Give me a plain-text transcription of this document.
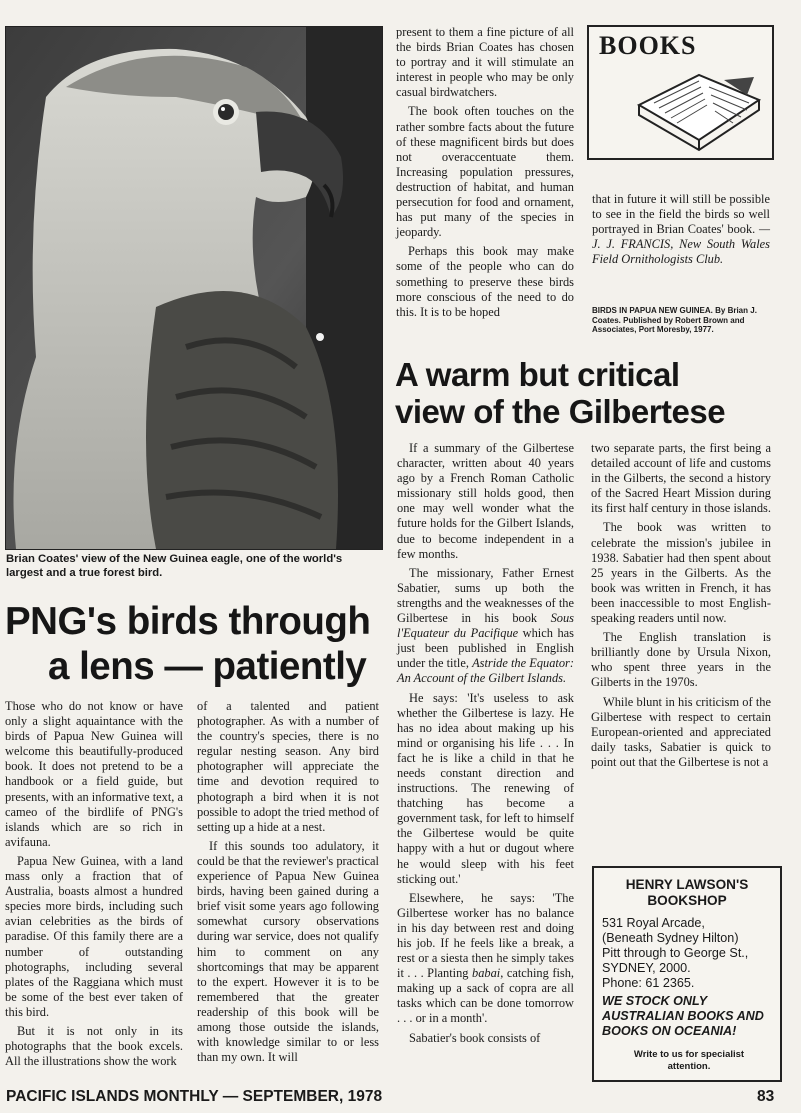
Brian Coates' view of the New Guinea eagle, one of the world's largest and a true forest bird.
PNG's birds through
a lens — patiently

Those who do not know or have only a slight aquaintance with the birds of Papua New Guinea will welcome this beautifully-produced book. It does not pretend to be a handbook or a field guide, but presents, with an informative text, a cameo of the birdlife of PNG's islands which are so rich in avifauna.

Papua New Guinea, with a land mass only a fraction that of Australia, boasts almost a hundred species more birds, including such avian celebrities as the birds of paradise. Of this family there are a number of outstanding photographs, including several plates of the Raggiana which must be some of the best ever taken of this bird.

But it is not only in its photographs that the book excels. All the illustrations show the work

of a talented and patient photographer. As with a number of the country's species, there is no regular nesting season. Any bird photographer will appreciate the time and devotion required to photograph a bird when it is not possible to adopt the tried method of setting up a hide at a nest.

If this sounds too adulatory, it could be that the reviewer's practical experience of Papua New Guinea birds, having been gained during a brief visit some years ago following somewhat cursory observations during war service, does not qualify him to comment on any shortcomings that may be apparent to the expert. However it is to be remembered that the greater readership of this book will be among those outside the islands, with knowledge similar to or less than my own. It will

present to them a fine picture of all the birds Brian Coates has chosen to portray and it will stimulate an interest in people who may be only casual birdwatchers.

The book often touches on the rather sombre facts about the future of these magnificent birds but does not overaccentuate them. Increasing population pressures, destruction of habitat, and human persecution for food and ornament, has put many of the species in jeopardy.

Perhaps this book may make some of the people who can do something to preserve these birds more conscious of the need to do this. It is to be hoped

BOOKS

that in future it will still be possible to see in the field the birds so well portrayed in Brian Coates' book. — J. J. FRANCIS, New South Wales Field Ornithologists Club.

BIRDS IN PAPUA NEW GUINEA. By Brian J. Coates. Published by Robert Brown and Associates, Port Moresby, 1977.
A warm but critical
view of the Gilbertese

If a summary of the Gilbertese character, written about 40 years ago by a French Roman Catholic missionary still holds good, then one may well wonder what the future holds for the Gilbert Islands, due to become independent in a few months.

The missionary, Father Ernest Sabatier, sums up both the strengths and the weaknesses of the Gilbertese in his book Sous l'Equateur du Pacifique which has just been published in English under the title, Astride the Equator: An Account of the Gilbert Islands.

He says: 'It's useless to ask whether the Gilbertese is lazy. He has no idea about making up his mind or organising his life . . . In fact he is like a child in that he needs constant direction and instructions. The renewing of thatching has become a government task, for left to himself the Gilbertese would be quite happy with a hut or dugout where he would sleep with his feet sticking out.'

Elsewhere, he says: 'The Gilbertese worker has no balance in his day between rest and doing his job. If he feels like a break, a rest or a siesta then he simply takes it . . . Planting babai, catching fish, making up a sack of copra are all tasks which can be done tomorrow . . . or in a month'.

Sabatier's book consists of

two separate parts, the first being a detailed account of life and customs in the Gilberts, the second a history of the Sacred Heart Mission during its first half century in those islands.

The book was written to celebrate the mission's jubilee in 1938. Sabatier had then spent about 25 years in the Gilberts. As the book was written in French, it has been inaccessible to most English-speaking readers until now.

The English translation is brilliantly done by Ursula Nixon, who spent three years in the Gilberts in the 1970s.

While blunt in his criticism of the Gilbertese with respect to certain European-oriented and appreciated daily tasks, Sabatier is quick to point out that the Gilbertese is not a

HENRY LAWSON'S
BOOKSHOP
531 Royal Arcade,
(Beneath Sydney Hilton)
Pitt through to George St.,
SYDNEY, 2000.
Phone: 61 2365.
WE STOCK ONLY AUSTRALIAN BOOKS AND BOOKS ON OCEANIA!
Write to us for specialist attention.
PACIFIC ISLANDS MONTHLY — SEPTEMBER, 1978	83
